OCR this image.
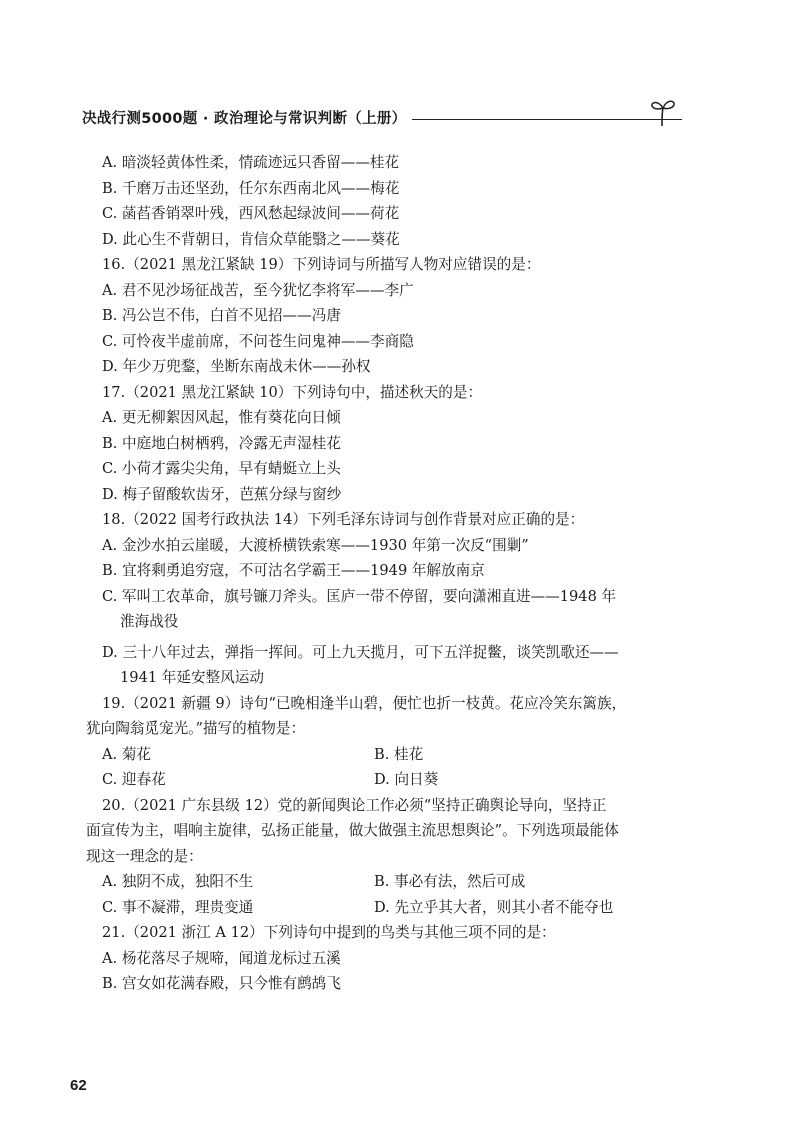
决战行测5000题 · 政治理论与常识判断（上册）
A. 暗淡轻黄体性柔，情疏迹远只香留——桂花
B. 千磨万击还坚劲，任尔东西南北风——梅花
C. 菡萏香销翠叶残，西风愁起绿波间——荷花
D. 此心生不背朝日，肯信众草能翳之——葵花
16.（2021 黑龙江紧缺 19）下列诗词与所描写人物对应错误的是：
A. 君不见沙场征战苦，至今犹忆李将军——李广
B. 冯公岂不伟，白首不见招——冯唐
C. 可怜夜半虚前席，不问苍生问鬼神——李商隐
D. 年少万兜鍪，坐断东南战未休——孙权
17.（2021 黑龙江紧缺 10）下列诗句中，描述秋天的是：
A. 更无柳絮因风起，惟有葵花向日倾
B. 中庭地白树栖鸦，冷露无声湿桂花
C. 小荷才露尖尖角，早有蜻蜓立上头
D. 梅子留酸软齿牙，芭蕉分绿与窗纱
18.（2022 国考行政执法 14）下列毛泽东诗词与创作背景对应正确的是：
A. 金沙水拍云崖暖，大渡桥横铁索寒——1930 年第一次反“围剿”
B. 宜将剩勇追穷寇，不可沽名学霸王——1949 年解放南京
C. 军叫工农革命，旗号镰刀斧头。匡庐一带不停留，要向潇湘直进——1948 年
淮海战役
D. 三十八年过去，弹指一挥间。可上九天揽月，可下五洋捉鳖，谈笑凯歌还——
1941 年延安整风运动
19.（2021 新疆 9）诗句“已晚相逢半山碧，便忙也折一枝黄。花应冷笑东篱族，
犹向陶翁觅宠光。”描写的植物是：
A. 菊花	B. 桂花
C. 迎春花	D. 向日葵
20.（2021 广东县级 12）党的新闻舆论工作必须“坚持正确舆论导向，坚持正
面宣传为主，唱响主旋律，弘扬正能量，做大做强主流思想舆论”。下列选项最能体
现这一理念的是：
A. 独阴不成，独阳不生	B. 事必有法，然后可成
C. 事不凝滞，理贵变通	D. 先立乎其大者，则其小者不能夺也
21.（2021 浙江 A 12）下列诗句中提到的鸟类与其他三项不同的是：
A. 杨花落尽子规啼，闻道龙标过五溪
B. 宫女如花满春殿，只今惟有鹧鸪飞
62
